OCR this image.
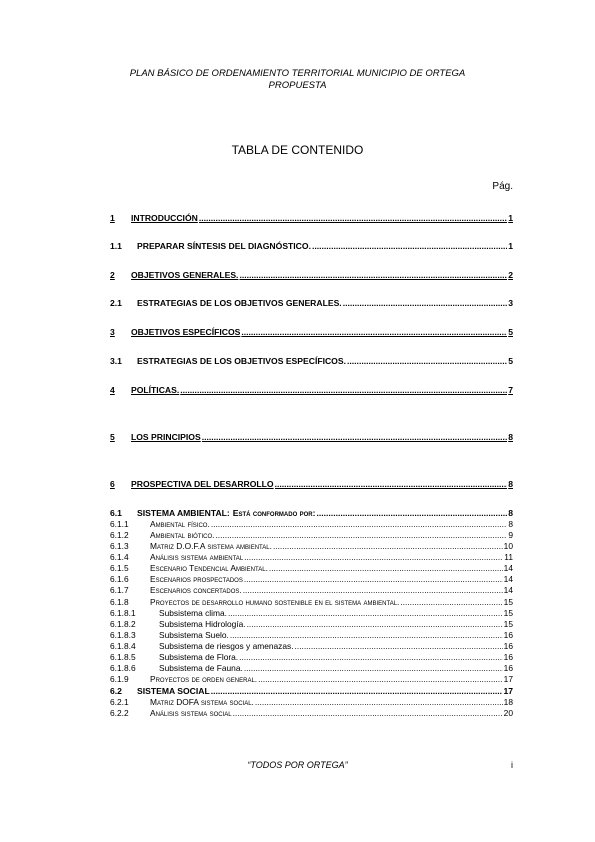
PLAN BÁSICO DE ORDENAMIENTO TERRITORIAL MUNICIPIO DE ORTEGA
PROPUESTA
TABLA DE CONTENIDO
Pág.
1	INTRODUCCIÓN .....	1
1.1	PREPARAR SÍNTESIS DEL DIAGNÓSTICO. .....	1
2	OBJETIVOS GENERALES. .....	2
2.1	ESTRATEGIAS DE LOS OBJETIVOS GENERALES. .....	3
3	OBJETIVOS ESPECÍFICOS .....	5
3.1	ESTRATEGIAS DE LOS OBJETIVOS ESPECÍFICOS. .....	5
4	POLÍTICAS. .....	7
5	LOS PRINCIPIOS .....	8
6	PROSPECTIVA DEL DESARROLLO .....	8
6.1	SISTEMA AMBIENTAL: Está conformado por: .....	8
6.1.1	Ambiental físico. .....	8
6.1.2	Ambiental biótico. .....	9
6.1.3	Matriz D.O.F.A sistema ambiental. .....	10
6.1.4	Análisis sistema ambiental .....	11
6.1.5	Escenario Tendencial Ambiental. .....	14
6.1.6	Escenarios prospectados .....	14
6.1.7	Escenarios concertados. .....	14
6.1.8	Proyectos de desarrollo humano sostenible en el sistema ambiental. .....	15
6.1.8.1	Subsistema clima. .....	15
6.1.8.2	Subsistema Hidrología. .....	15
6.1.8.3	Subsistema Suelo. .....	16
6.1.8.4	Subsistema de riesgos y amenazas. .....	16
6.1.8.5	Subsistema de Flora. .....	16
6.1.8.6	Subsistema de Fauna. .....	16
6.1.9	Proyectos de orden general. .....	17
6.2	SISTEMA SOCIAL .....	17
6.2.1	Matriz DOFA sistema social. .....	18
6.2.2	Análisis sistema social .....	20
“TODOS POR ORTEGA”	i
